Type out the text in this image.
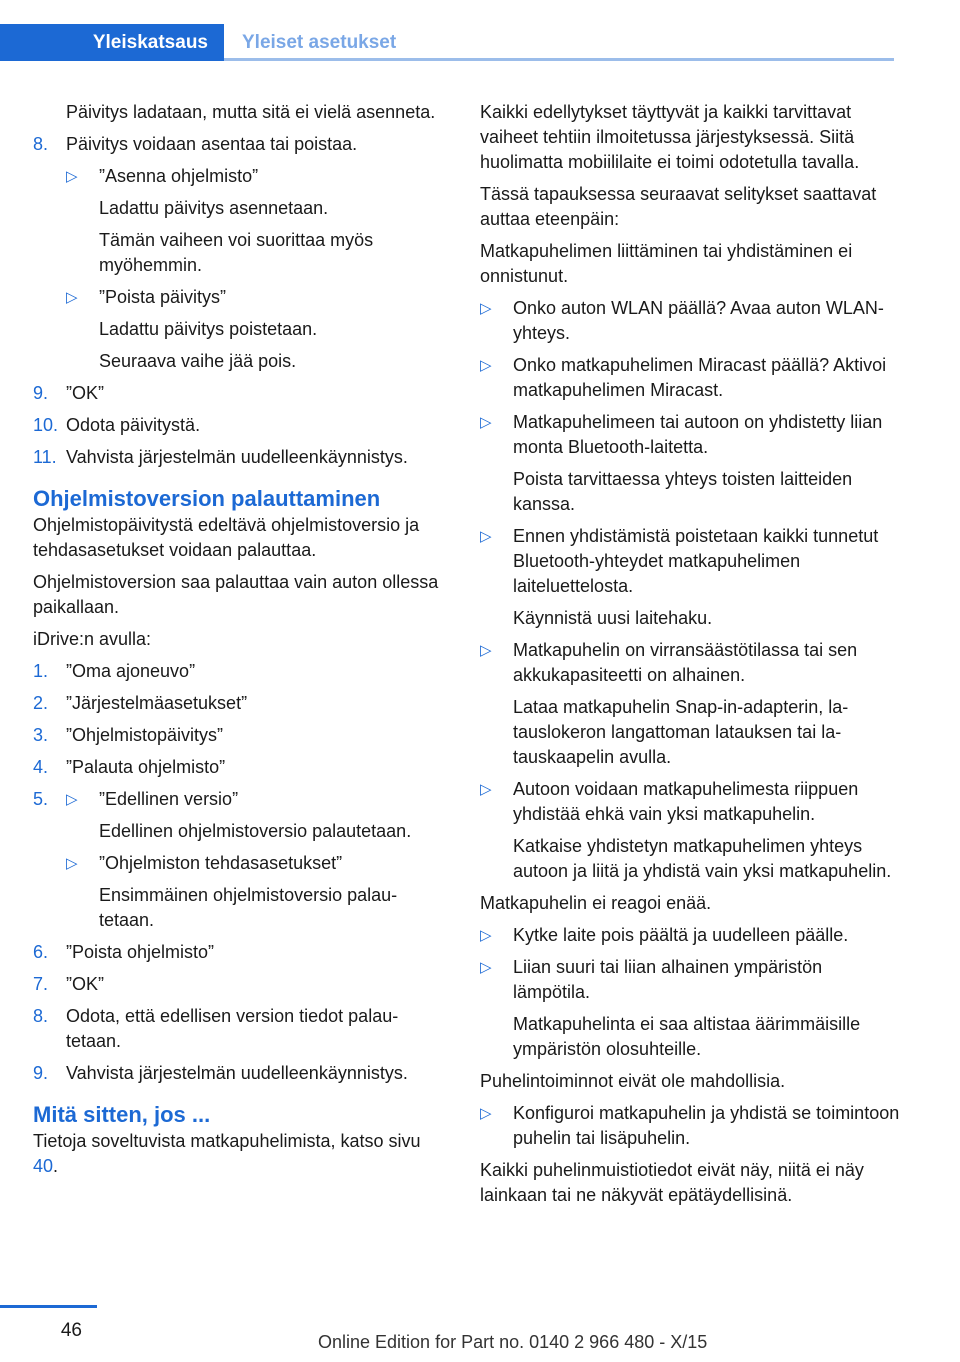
Yleiskatsaus	Yleiset asetukset

Päivitys ladataan, mutta sitä ei vielä asenneta.

8. Päivitys voidaan asentaa tai poistaa.
▷ ”Asenna ohjelmisto”

Ladattu päivitys asennetaan.

Tämän vaiheen voi suorittaa myös myöhemmin.

▷ ”Poista päivitys”

Ladattu päivitys poistetaan.

Seuraava vaihe jää pois.

9. ”OK”
10. Odota päivitystä.
11. Vahvista järjestelmän uudelleenkäynnistys.
Ohjelmistoversion palauttaminen

Ohjelmistopäivitystä edeltävä ohjelmistoversio ja tehdasasetukset voidaan palauttaa.

Ohjelmistoversion saa palauttaa vain auton ollessa paikallaan.

iDrive:n avulla:

1. ”Oma ajoneuvo”
2. ”Järjestelmäasetukset”
3. ”Ohjelmistopäivitys”
4. ”Palauta ohjelmisto”
5. ▷ ”Edellinen versio”

Edellinen ohjelmistoversio palautetaan.

▷ ”Ohjelmiston tehdasasetukset”

Ensimmäinen ohjelmistoversio palautetaan.

6. ”Poista ohjelmisto”
7. ”OK”
8. Odota, että edellisen version tiedot palautetaan.
9. Vahvista järjestelmän uudelleenkäynnistys.
Mitä sitten, jos ...

Tietoja soveltuvista matkapuhelimista, katso sivu 40.

Kaikki edellytykset täyttyvät ja kaikki tarvittavat vaiheet tehtiin ilmoitetussa järjestyksessä. Siitä huolimatta mobiililaite ei toimi odotetulla tavalla.

Tässä tapauksessa seuraavat selitykset saattavat auttaa eteenpäin:

Matkapuhelimen liittäminen tai yhdistäminen ei onnistunut.

▷ Onko auton WLAN päällä? Avaa auton WLAN-yhteys.
▷ Onko matkapuhelimen Miracast päällä? Aktivoi matkapuhelimen Miracast.
▷ Matkapuhelimeen tai autoon on yhdistetty liian monta Bluetooth-laitetta.

Poista tarvittaessa yhteys toisten laitteiden kanssa.

▷ Ennen yhdistämistä poistetaan kaikki tunnetut Bluetooth-yhteydet matkapuhelimen laiteluettelosta.

Käynnistä uusi laitehaku.

▷ Matkapuhelin on virransäästötilassa tai sen akkukapasiteetti on alhainen.

Lataa matkapuhelin Snap-in-adapterin, latauslokeron langattoman latauksen tai latauskaapelin avulla.

▷ Autoon voidaan matkapuhelimesta riippuen yhdistää ehkä vain yksi matkapuhelin.

Katkaise yhdistetyn matkapuhelimen yhteys autoon ja liitä ja yhdistä vain yksi matkapuhelin.

Matkapuhelin ei reagoi enää.

▷ Kytke laite pois päältä ja uudelleen päälle.
▷ Liian suuri tai liian alhainen ympäristön lämpötila.

Matkapuhelinta ei saa altistaa äärimmäisille ympäristön olosuhteille.

Puhelintoiminnot eivät ole mahdollisia.

▷ Konfiguroi matkapuhelin ja yhdistä se toimintoon puhelin tai lisäpuhelin.

Kaikki puhelinmuistiotiedot eivät näy, niitä ei näy lainkaan tai ne näkyvät epätäydellisinä.

46
Online Edition for Part no. 0140 2 966 480 - X/15
